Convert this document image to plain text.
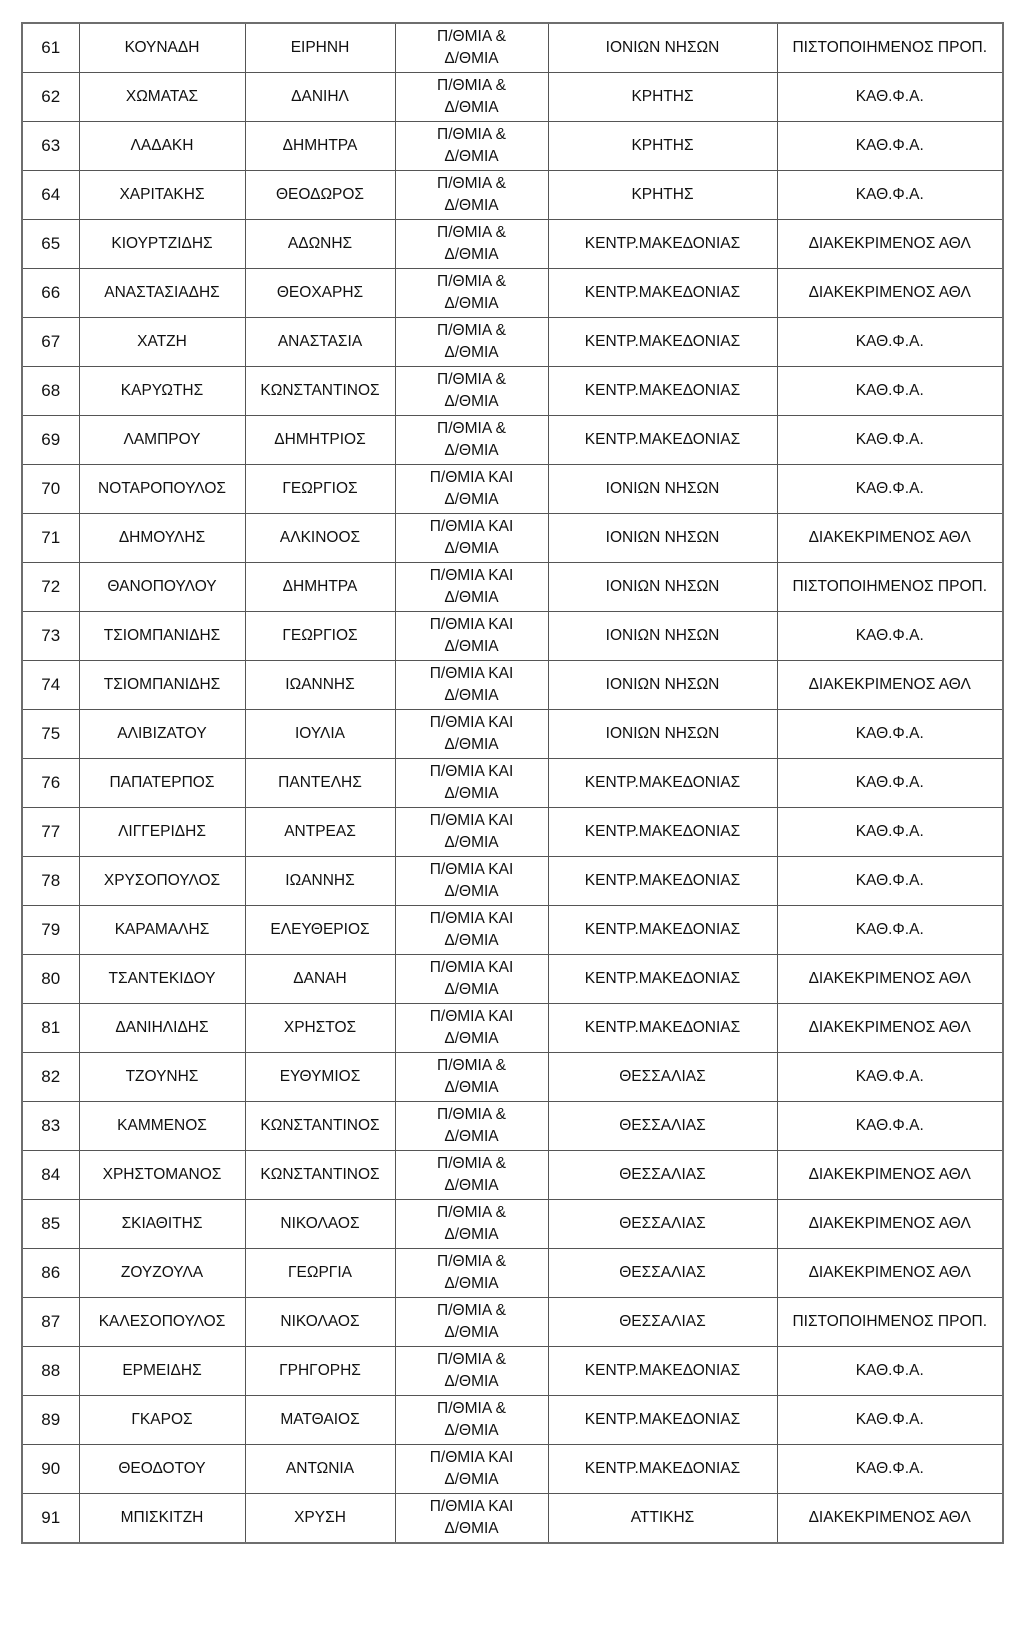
61	ΚΟΥΝΑΔΗ	ΕΙΡΗΝΗ	Π/ΘΜΙΑ &
Δ/ΘΜΙΑ	ΙΟΝΙΩΝ ΝΗΣΩΝ	ΠΙΣΤΟΠΟΙΗΜΕΝΟΣ ΠΡΟΠ.
62	ΧΩΜΑΤΑΣ	ΔΑΝΙΗΛ	Π/ΘΜΙΑ &
Δ/ΘΜΙΑ	ΚΡΗΤΗΣ	ΚΑΘ.Φ.Α.
63	ΛΑΔΑΚΗ	ΔΗΜΗΤΡΑ	Π/ΘΜΙΑ &
Δ/ΘΜΙΑ	ΚΡΗΤΗΣ	ΚΑΘ.Φ.Α.
64	ΧΑΡΙΤΑΚΗΣ	ΘΕΟΔΩΡΟΣ	Π/ΘΜΙΑ &
Δ/ΘΜΙΑ	ΚΡΗΤΗΣ	ΚΑΘ.Φ.Α.
65	ΚΙΟΥΡΤΖΙΔΗΣ	ΑΔΩΝΗΣ	Π/ΘΜΙΑ &
Δ/ΘΜΙΑ	ΚΕΝΤΡ.ΜΑΚΕΔΟΝΙΑΣ	ΔΙΑΚΕΚΡΙΜΕΝΟΣ ΑΘΛ
66	ΑΝΑΣΤΑΣΙΑΔΗΣ	ΘΕΟΧΑΡΗΣ	Π/ΘΜΙΑ &
Δ/ΘΜΙΑ	ΚΕΝΤΡ.ΜΑΚΕΔΟΝΙΑΣ	ΔΙΑΚΕΚΡΙΜΕΝΟΣ ΑΘΛ
67	ΧΑΤΖΗ	ΑΝΑΣΤΑΣΙΑ	Π/ΘΜΙΑ &
Δ/ΘΜΙΑ	ΚΕΝΤΡ.ΜΑΚΕΔΟΝΙΑΣ	ΚΑΘ.Φ.Α.
68	ΚΑΡΥΩΤΗΣ	ΚΩΝΣΤΑΝΤΙΝΟΣ	Π/ΘΜΙΑ &
Δ/ΘΜΙΑ	ΚΕΝΤΡ.ΜΑΚΕΔΟΝΙΑΣ	ΚΑΘ.Φ.Α.
69	ΛΑΜΠΡΟΥ	ΔΗΜΗΤΡΙΟΣ	Π/ΘΜΙΑ &
Δ/ΘΜΙΑ	ΚΕΝΤΡ.ΜΑΚΕΔΟΝΙΑΣ	ΚΑΘ.Φ.Α.
70	ΝΟΤΑΡΟΠΟΥΛΟΣ	ΓΕΩΡΓΙΟΣ	Π/ΘΜΙΑ ΚΑΙ
Δ/ΘΜΙΑ	ΙΟΝΙΩΝ ΝΗΣΩΝ	ΚΑΘ.Φ.Α.
71	ΔΗΜΟΥΛΗΣ	ΑΛΚΙΝΟΟΣ	Π/ΘΜΙΑ ΚΑΙ
Δ/ΘΜΙΑ	ΙΟΝΙΩΝ ΝΗΣΩΝ	ΔΙΑΚΕΚΡΙΜΕΝΟΣ ΑΘΛ
72	ΘΑΝΟΠΟΥΛΟΥ	ΔΗΜΗΤΡΑ	Π/ΘΜΙΑ ΚΑΙ
Δ/ΘΜΙΑ	ΙΟΝΙΩΝ ΝΗΣΩΝ	ΠΙΣΤΟΠΟΙΗΜΕΝΟΣ ΠΡΟΠ.
73	ΤΣΙΟΜΠΑΝΙΔΗΣ	ΓΕΩΡΓΙΟΣ	Π/ΘΜΙΑ ΚΑΙ
Δ/ΘΜΙΑ	ΙΟΝΙΩΝ ΝΗΣΩΝ	ΚΑΘ.Φ.Α.
74	ΤΣΙΟΜΠΑΝΙΔΗΣ	ΙΩΑΝΝΗΣ	Π/ΘΜΙΑ ΚΑΙ
Δ/ΘΜΙΑ	ΙΟΝΙΩΝ ΝΗΣΩΝ	ΔΙΑΚΕΚΡΙΜΕΝΟΣ ΑΘΛ
75	ΑΛΙΒΙΖΑΤΟΥ	ΙΟΥΛΙΑ	Π/ΘΜΙΑ ΚΑΙ
Δ/ΘΜΙΑ	ΙΟΝΙΩΝ ΝΗΣΩΝ	ΚΑΘ.Φ.Α.
76	ΠΑΠΑΤΕΡΠΟΣ	ΠΑΝΤΕΛΗΣ	Π/ΘΜΙΑ ΚΑΙ
Δ/ΘΜΙΑ	ΚΕΝΤΡ.ΜΑΚΕΔΟΝΙΑΣ	ΚΑΘ.Φ.Α.
77	ΛΙΓΓΕΡΙΔΗΣ	ΑΝΤΡΕΑΣ	Π/ΘΜΙΑ ΚΑΙ
Δ/ΘΜΙΑ	ΚΕΝΤΡ.ΜΑΚΕΔΟΝΙΑΣ	ΚΑΘ.Φ.Α.
78	ΧΡΥΣΟΠΟΥΛΟΣ	ΙΩΑΝΝΗΣ	Π/ΘΜΙΑ ΚΑΙ
Δ/ΘΜΙΑ	ΚΕΝΤΡ.ΜΑΚΕΔΟΝΙΑΣ	ΚΑΘ.Φ.Α.
79	ΚΑΡΑΜΑΛΗΣ	ΕΛΕΥΘΕΡΙΟΣ	Π/ΘΜΙΑ ΚΑΙ
Δ/ΘΜΙΑ	ΚΕΝΤΡ.ΜΑΚΕΔΟΝΙΑΣ	ΚΑΘ.Φ.Α.
80	ΤΣΑΝΤΕΚΙΔΟΥ	ΔΑΝΑΗ	Π/ΘΜΙΑ ΚΑΙ
Δ/ΘΜΙΑ	ΚΕΝΤΡ.ΜΑΚΕΔΟΝΙΑΣ	ΔΙΑΚΕΚΡΙΜΕΝΟΣ ΑΘΛ
81	ΔΑΝΙΗΛΙΔΗΣ	ΧΡΗΣΤΟΣ	Π/ΘΜΙΑ ΚΑΙ
Δ/ΘΜΙΑ	ΚΕΝΤΡ.ΜΑΚΕΔΟΝΙΑΣ	ΔΙΑΚΕΚΡΙΜΕΝΟΣ ΑΘΛ
82	ΤΖΟΥΝΗΣ	ΕΥΘΥΜΙΟΣ	Π/ΘΜΙΑ &
Δ/ΘΜΙΑ	ΘΕΣΣΑΛΙΑΣ	ΚΑΘ.Φ.Α.
83	ΚΑΜΜΕΝΟΣ	ΚΩΝΣΤΑΝΤΙΝΟΣ	Π/ΘΜΙΑ &
Δ/ΘΜΙΑ	ΘΕΣΣΑΛΙΑΣ	ΚΑΘ.Φ.Α.
84	ΧΡΗΣΤΟΜΑΝΟΣ	ΚΩΝΣΤΑΝΤΙΝΟΣ	Π/ΘΜΙΑ &
Δ/ΘΜΙΑ	ΘΕΣΣΑΛΙΑΣ	ΔΙΑΚΕΚΡΙΜΕΝΟΣ ΑΘΛ
85	ΣΚΙΑΘΙΤΗΣ	ΝΙΚΟΛΑΟΣ	Π/ΘΜΙΑ &
Δ/ΘΜΙΑ	ΘΕΣΣΑΛΙΑΣ	ΔΙΑΚΕΚΡΙΜΕΝΟΣ ΑΘΛ
86	ΖΟΥΖΟΥΛΑ	ΓΕΩΡΓΙΑ	Π/ΘΜΙΑ &
Δ/ΘΜΙΑ	ΘΕΣΣΑΛΙΑΣ	ΔΙΑΚΕΚΡΙΜΕΝΟΣ ΑΘΛ
87	ΚΑΛΕΣΟΠΟΥΛΟΣ	ΝΙΚΟΛΑΟΣ	Π/ΘΜΙΑ &
Δ/ΘΜΙΑ	ΘΕΣΣΑΛΙΑΣ	ΠΙΣΤΟΠΟΙΗΜΕΝΟΣ ΠΡΟΠ.
88	ΕΡΜΕΙΔΗΣ	ΓΡΗΓΟΡΗΣ	Π/ΘΜΙΑ &
Δ/ΘΜΙΑ	ΚΕΝΤΡ.ΜΑΚΕΔΟΝΙΑΣ	ΚΑΘ.Φ.Α.
89	ΓΚΑΡΟΣ	ΜΑΤΘΑΙΟΣ	Π/ΘΜΙΑ &
Δ/ΘΜΙΑ	ΚΕΝΤΡ.ΜΑΚΕΔΟΝΙΑΣ	ΚΑΘ.Φ.Α.
90	ΘΕΟΔΟΤΟΥ	ΑΝΤΩΝΙΑ	Π/ΘΜΙΑ ΚΑΙ
Δ/ΘΜΙΑ	ΚΕΝΤΡ.ΜΑΚΕΔΟΝΙΑΣ	ΚΑΘ.Φ.Α.
91	ΜΠΙΣΚΙΤΖΗ	ΧΡΥΣΗ	Π/ΘΜΙΑ ΚΑΙ
Δ/ΘΜΙΑ	ΑΤΤΙΚΗΣ	ΔΙΑΚΕΚΡΙΜΕΝΟΣ ΑΘΛ
